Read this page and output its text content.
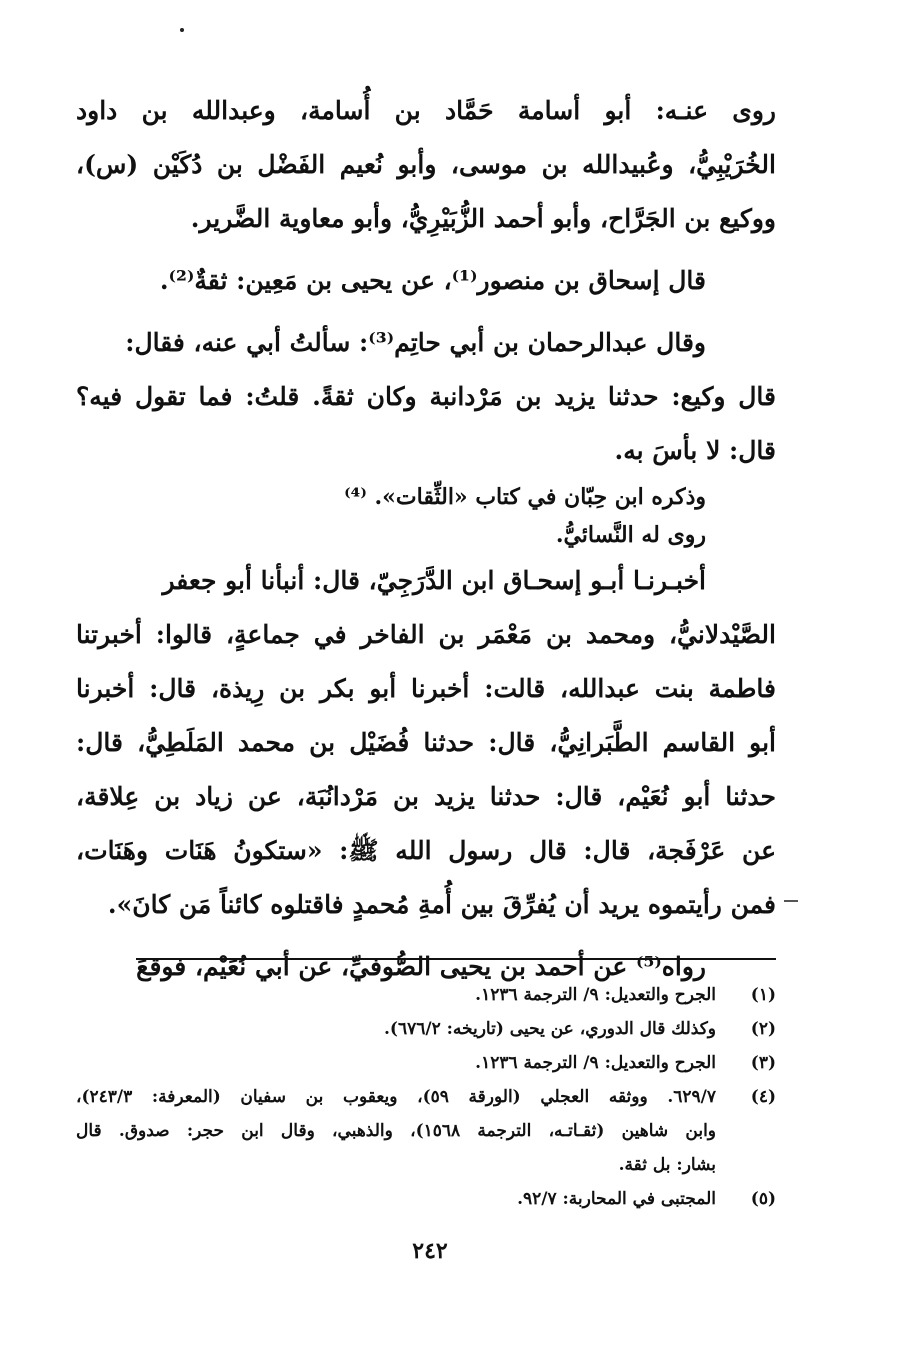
روى عنـه: أبو أسامة حَمَّاد بن أُسامة، وعبدالله بن داود
الخُرَيْبِيُّ، وعُبيدالله بن موسى، وأبو نُعيم الفَضْل بن دُكَيْن (س)،
ووكيع بن الجَرَّاح، وأبو أحمد الزُّبَيْرِيُّ، وأبو معاوية الضَّرير.
قال إسحاق بن منصور⁽¹⁾، عن يحيى بن مَعِين: ثقةٌ⁽²⁾.
وقال عبدالرحمان بن أبي حاتِم⁽³⁾: سألتُ أبي عنه، فقال:
قال وكيع: حدثنا يزيد بن مَرْدانبة وكان ثقةً. قلتُ: فما تقول فيه؟
قال: لا بأسَ به.
وذكره ابن حِبّان في كتاب «الثِّقات». ⁽⁴⁾
روى له النَّسائيُّ.
أخبـرنـا أبـو إسحـاق ابن الدَّرَجِيّ، قال: أنبأنا أبو جعفر
الصَّيْدلانيُّ، ومحمد بن مَعْمَر بن الفاخر في جماعةٍ، قالوا: أخبرتنا
فاطمة بنت عبدالله، قالت: أخبرنا أبو بكر بن رِيذة، قال: أخبرنا
أبو القاسم الطَّبَرانِيُّ، قال: حدثنا فُضَيْل بن محمد المَلَطِيُّ، قال:
حدثنا أبو نُعَيْم، قال: حدثنا يزيد بن مَرْدانُبَة، عن زياد بن عِلاقة،
عن عَرْفَجة، قال: قال رسول الله ﷺ: «ستكونُ هَنَات وهَنَات،
فمن رأيتموه يريد أن يُفرِّقَ بين أُمةِ مُحمدٍ فاقتلوه كائناً مَن كانَ».
رواه⁽⁵⁾ عن أحمد بن يحيى الصُّوفيِّ، عن أبي نُعَيْم، فوقعَ
(١)
الجرح والتعديل: ٩/ الترجمة ١٢٣٦.
(٢)
وكذلك قال الدوري، عن يحيى (تاريخه: ٦٧٦/٢).
(٣)
الجرح والتعديل: ٩/ الترجمة ١٢٣٦.
(٤)
٦٢٩/٧. ووثقه العجلي (الورقة ٥٩)، ويعقوب بن سفيان (المعرفة: ٢٤٣/٣)،
وابن شاهين (ثقـاتـه، الترجمة ١٥٦٨)، والذهبي، وقال ابن حجر: صدوق. قال
بشار: بل ثقة.
(٥)
المجتبى في المحاربة: ٩٢/٧.
٢٤٢
